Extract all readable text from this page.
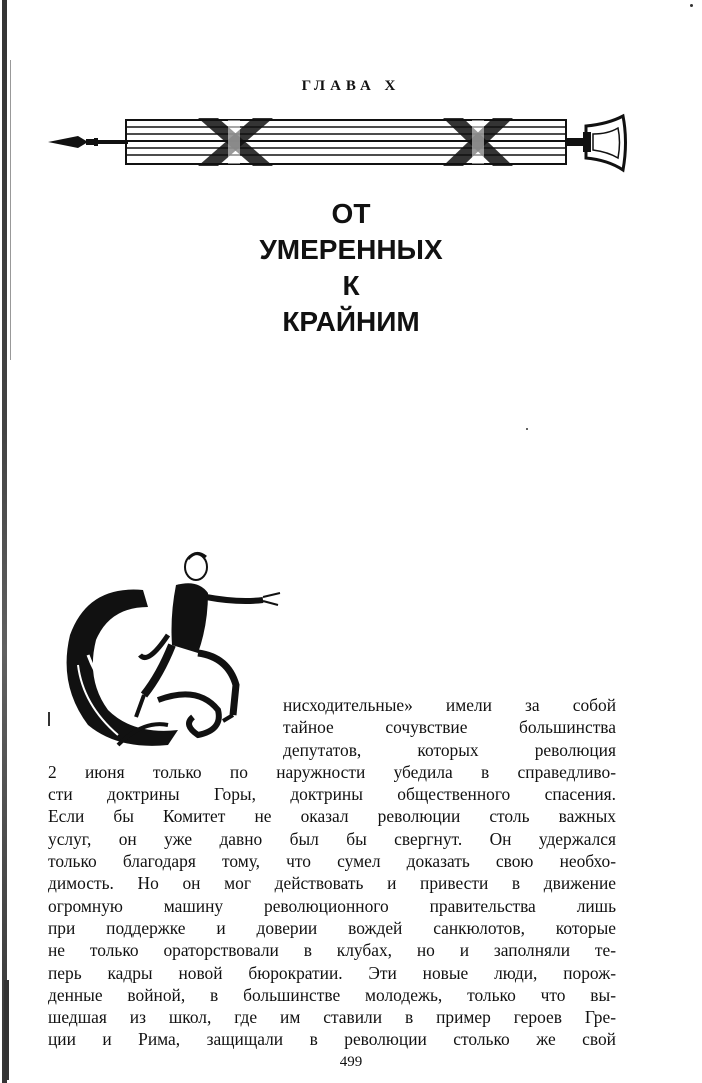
ГЛАВА X
ОТ
УМЕРЕННЫХ
К
КРАЙНИМ
нисходительные» имели за собой
тайное сочувствие большинства
депутатов, которых революция
2 июня только по наружности убедила в справедливо-
сти доктрины Горы, доктрины общественного спасения.
Если бы Комитет не оказал революции столь важных
услуг, он уже давно был бы свергнут. Он удержался
только благодаря тому, что сумел доказать свою необхо-
димость. Но он мог действовать и привести в движение
огромную машину революционного правительства лишь
при поддержке и доверии вождей санкюлотов, которые
не только ораторствовали в клубах, но и заполняли те-
перь кадры новой бюрократии. Эти новые люди, порож-
денные войной, в большинстве молодежь, только что вы-
шедшая из школ, где им ставили в пример героев Гре-
ции и Рима, защищали в революции столько же свой
499
